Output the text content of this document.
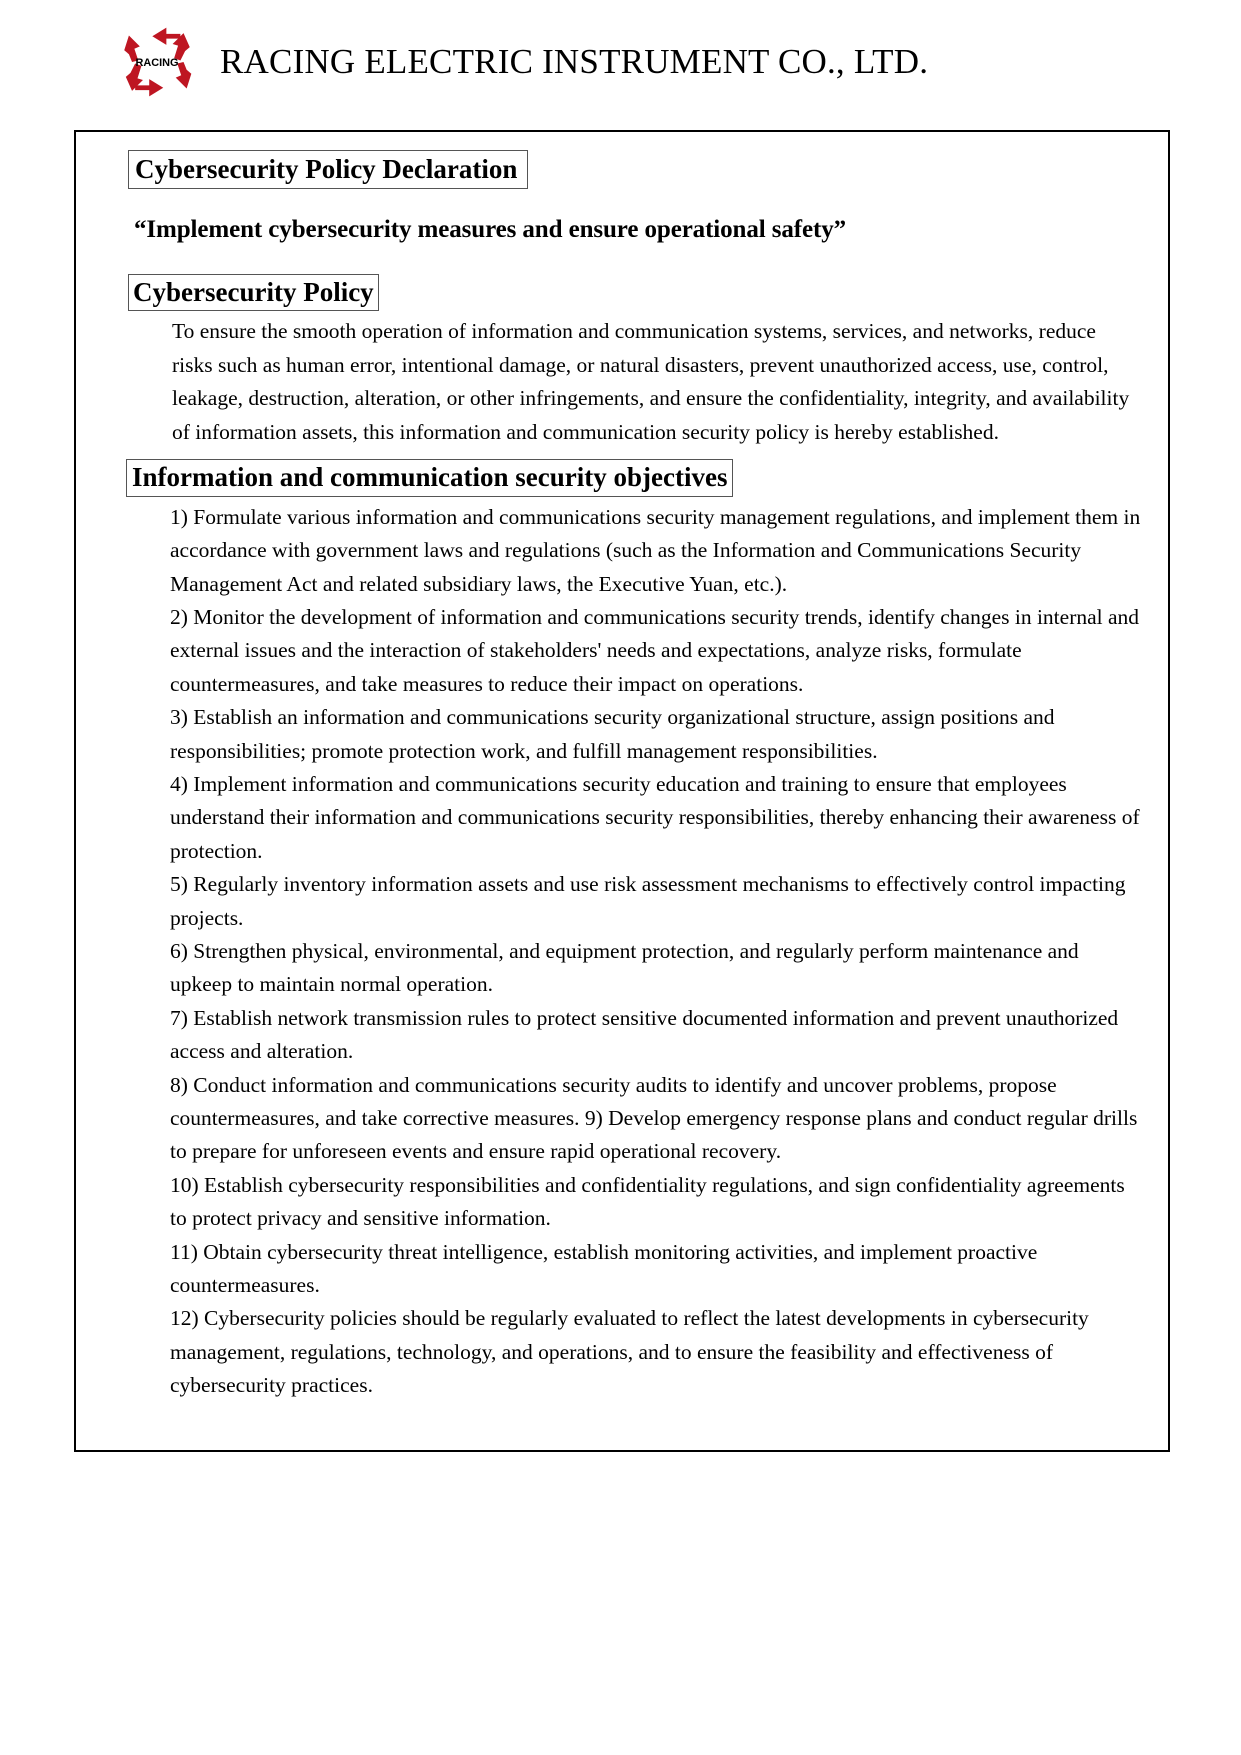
RACING RACING ELECTRIC INSTRUMENT CO., LTD.
Cybersecurity Policy Declaration
“Implement cybersecurity measures and ensure operational safety”
Cybersecurity Policy

To ensure the smooth operation of information and communication systems, services, and networks, reduce risks such as human error, intentional damage, or natural disasters, prevent unauthorized access, use, control, leakage, destruction, alteration, or other infringements, and ensure the confidentiality, integrity, and availability of information assets, this information and communication security policy is hereby established.

Information and communication security objectives

1) Formulate various information and communications security management regulations, and implement them in accordance with government laws and regulations (such as the Information and Communications Security Management Act and related subsidiary laws, the Executive Yuan, etc.).

2) Monitor the development of information and communications security trends, identify changes in internal and external issues and the interaction of stakeholders' needs and expectations, analyze risks, formulate countermeasures, and take measures to reduce their impact on operations.

3) Establish an information and communications security organizational structure, assign positions and responsibilities; promote protection work, and fulfill management responsibilities.

4) Implement information and communications security education and training to ensure that employees understand their information and communications security responsibilities, thereby enhancing their awareness of protection.

5) Regularly inventory information assets and use risk assessment mechanisms to effectively control impacting projects.

6) Strengthen physical, environmental, and equipment protection, and regularly perform maintenance and upkeep to maintain normal operation.

7) Establish network transmission rules to protect sensitive documented information and prevent unauthorized access and alteration.

8) Conduct information and communications security audits to identify and uncover problems, propose countermeasures, and take corrective measures. 9) Develop emergency response plans and conduct regular drills to prepare for unforeseen events and ensure rapid operational recovery.

10) Establish cybersecurity responsibilities and confidentiality regulations, and sign confidentiality agreements to protect privacy and sensitive information.

11) Obtain cybersecurity threat intelligence, establish monitoring activities, and implement proactive countermeasures.

12) Cybersecurity policies should be regularly evaluated to reflect the latest developments in cybersecurity management, regulations, technology, and operations, and to ensure the feasibility and effectiveness of cybersecurity practices.
